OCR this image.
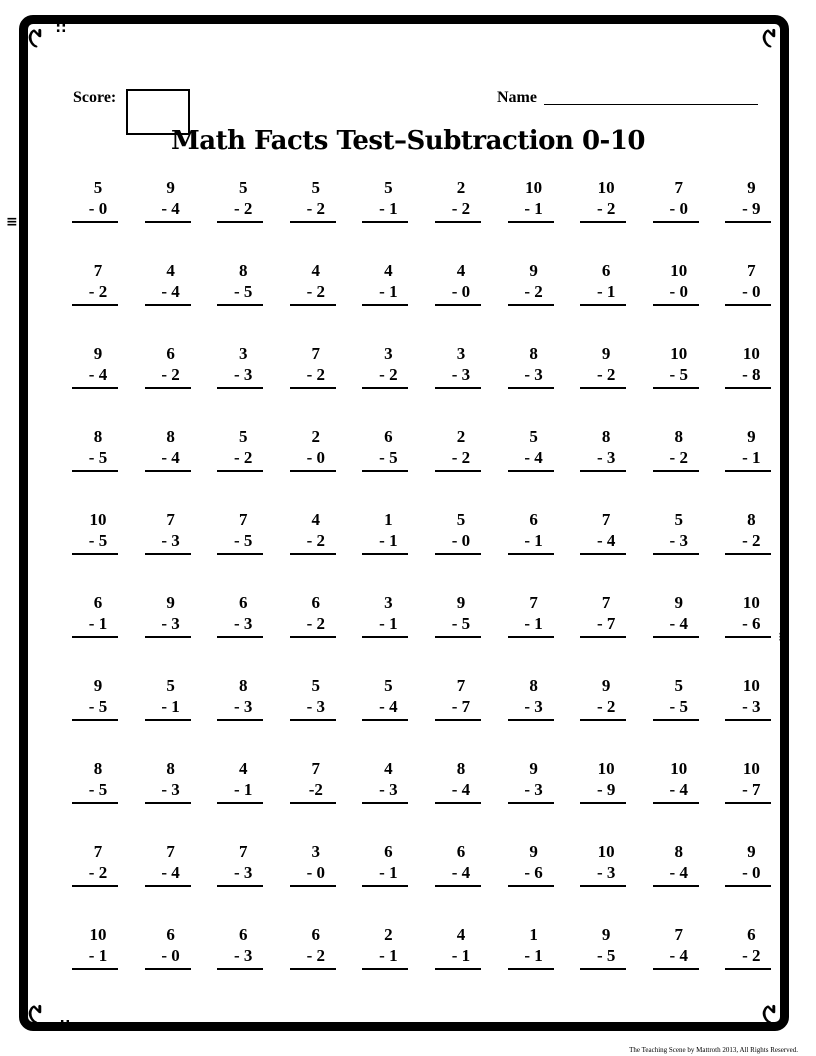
୯	୯
୯	୯
∷
≡
≡
∷
Score:	Name
Math Facts Test–Subtraction 0-10
5
- 0
9
- 4
5
- 2
5
- 2
5
- 1
2
- 2
10
- 1
10
- 2
7
- 0
9
- 9
7
- 2
4
- 4
8
- 5
4
- 2
4
- 1
4
- 0
9
- 2
6
- 1
10
- 0
7
- 0
9
- 4
6
- 2
3
- 3
7
- 2
3
- 2
3
- 3
8
- 3
9
- 2
10
- 5
10
- 8
8
- 5
8
- 4
5
- 2
2
- 0
6
- 5
2
- 2
5
- 4
8
- 3
8
- 2
9
- 1
10
- 5
7
- 3
7
- 5
4
- 2
1
- 1
5
- 0
6
- 1
7
- 4
5
- 3
8
- 2
6
- 1
9
- 3
6
- 3
6
- 2
3
- 1
9
- 5
7
- 1
7
- 7
9
- 4
10
- 6
9
- 5
5
- 1
8
- 3
5
- 3
5
- 4
7
- 7
8
- 3
9
- 2
5
- 5
10
- 3
8
- 5
8
- 3
4
- 1
7
-2
4
- 3
8
- 4
9
- 3
10
- 9
10
- 4
10
- 7
7
- 2
7
- 4
7
- 3
3
- 0
6
- 1
6
- 4
9
- 6
10
- 3
8
- 4
9
- 0
10
- 1
6
- 0
6
- 3
6
- 2
2
- 1
4
- 1
1
- 1
9
- 5
7
- 4
6
- 2
The Teaching Scene by Mattroth 2013, All Rights Reserved.
